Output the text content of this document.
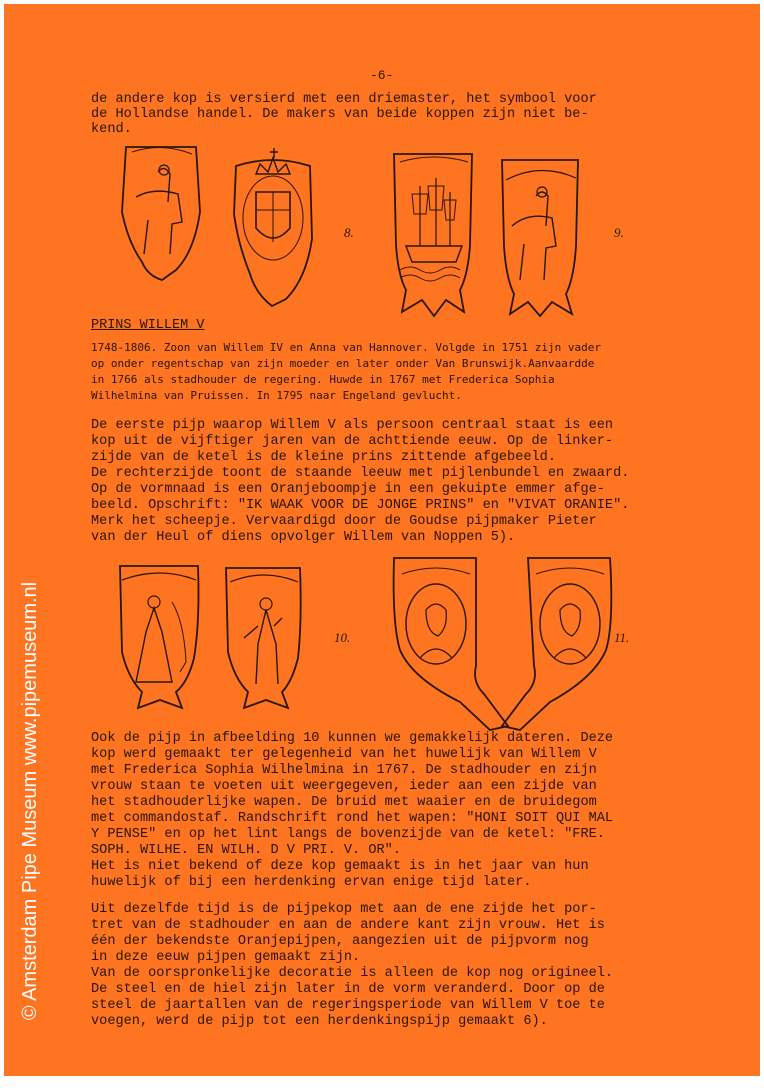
-6-
de andere kop is versierd met een driemaster, het symbool voor
de Hollandse handel. De makers van beide koppen zijn niet be-
kend.
8.	9.
PRINS WILLEM V
1748-1806. Zoon van Willem IV en Anna van Hannover. Volgde in 1751 zijn vader
op onder regentschap van zijn moeder en later onder Van Brunswijk.Aanvaardde
in 1766 als stadhouder de regering. Huwde in 1767 met Frederica Sophia
Wilhelmina van Pruissen. In 1795 naar Engeland gevlucht.
De eerste pijp waarop Willem V als persoon centraal staat is een
kop uit de vijftiger jaren van de achttiende eeuw. Op de linker-
zijde van de ketel is de kleine prins zittende afgebeeld.
De rechterzijde toont de staande leeuw met pijlenbundel en zwaard.
Op de vormnaad is een Oranjeboompje in een gekuipte emmer afge-
beeld. Opschrift: "IK WAAK VOOR DE JONGE PRINS" en "VIVAT ORANIE".
Merk het scheepje. Vervaardigd door de Goudse pijpmaker Pieter
van der Heul of diens opvolger Willem van Noppen 5).
10.	11.
Ook de pijp in afbeelding 10 kunnen we gemakkelijk dateren. Deze
kop werd gemaakt ter gelegenheid van het huwelijk van Willem V
met Frederica Sophia Wilhelmina in 1767. De stadhouder en zijn
vrouw staan te voeten uit weergegeven, ieder aan een zijde van
het stadhouderlijke wapen. De bruid met waaier en de bruidegom
met commandostaf. Randschrift rond het wapen: "HONI SOIT QUI MAL
Y PENSE" en op het lint langs de bovenzijde van de ketel: "FRE.
SOPH. WILHE. EN WILH. D V PRI. V. OR".
Het is niet bekend of deze kop gemaakt is in het jaar van hun
huwelijk of bij een herdenking ervan enige tijd later.
Uit dezelfde tijd is de pijpekop met aan de ene zijde het por-
tret van de stadhouder en aan de andere kant zijn vrouw. Het is
één der bekendste Oranjepijpen, aangezien uit de pijpvorm nog
in deze eeuw pijpen gemaakt zijn.
Van de oorspronkelijke decoratie is alleen de kop nog origineel.
De steel en de hiel zijn later in de vorm veranderd. Door op de
steel de jaartallen van de regeringsperiode van Willem V toe te
voegen, werd de pijp tot een herdenkingspijp gemaakt 6).
© Amsterdam Pipe Museum www.pipemuseum.nl
